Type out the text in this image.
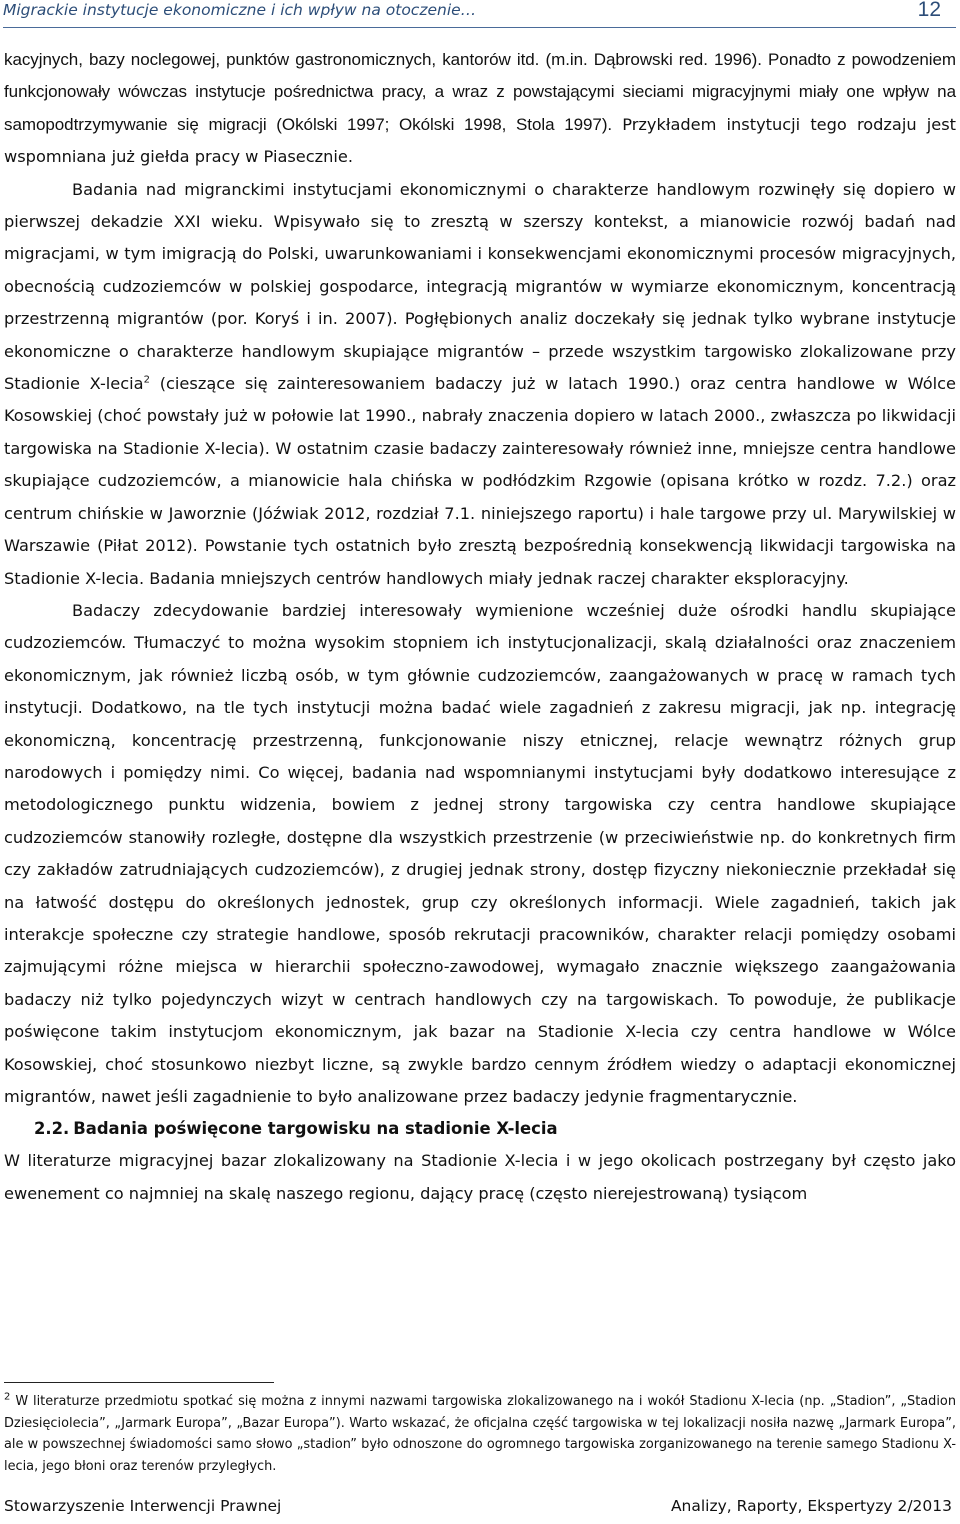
Migrackie instytucje ekonomiczne i ich wpływ na otoczenie…	12

kacyjnych, bazy noclegowej, punktów gastronomicznych, kantorów itd. (m.in. Dąbrowski red. 1996). Ponadto z powodzeniem funkcjonowały wówczas instytucje pośrednictwa pracy, a wraz z powstającymi sieciami migracyjnymi miały one wpływ na samopodtrzymywanie się migracji (Okólski 1997; Okólski 1998, Stola 1997). Przykładem instytucji tego rodzaju jest wspomniana już giełda pracy w Piasecznie.

Badania nad migranckimi instytucjami ekonomicznymi o charakterze handlowym rozwinęły się dopiero w pierwszej dekadzie XXI wieku. Wpisywało się to zresztą w szerszy kontekst, a mianowicie rozwój badań nad migracjami, w tym imigracją do Polski, uwarunkowaniami i konsekwencjami ekonomicznymi procesów migracyjnych, obecnością cudzoziemców w polskiej gospodarce, integracją migrantów w wymiarze ekonomicznym, koncentracją przestrzenną migrantów (por. Koryś i in. 2007). Pogłębionych analiz doczekały się jednak tylko wybrane instytucje ekonomiczne o charakterze handlowym skupiające migrantów – przede wszystkim targowisko zlokalizowane przy Stadionie X-lecia$^2$ (cieszące się zainteresowaniem badaczy już w latach 1990.) oraz centra handlowe w Wólce Kosowskiej (choć powstały już w połowie lat 1990., nabrały znaczenia dopiero w latach 2000., zwłaszcza po likwidacji targowiska na Stadionie X-lecia). W ostatnim czasie badaczy zainteresowały również inne, mniejsze centra handlowe skupiające cudzoziemców, a mianowicie hala chińska w podłódzkim Rzgowie (opisana krótko w rozdz. 7.2.) oraz centrum chińskie w Jaworznie (Jóźwiak 2012, rozdział 7.1. niniejszego raportu) i hale targowe przy ul. Marywilskiej w Warszawie (Piłat 2012). Powstanie tych ostatnich było zresztą bezpośrednią konsekwencją likwidacji targowiska na Stadionie X-lecia. Badania mniejszych centrów handlowych miały jednak raczej charakter eksploracyjny.

Badaczy zdecydowanie bardziej interesowały wymienione wcześniej duże ośrodki handlu skupiające cudzoziemców. Tłumaczyć to można wysokim stopniem ich instytucjonalizacji, skalą działalności oraz znaczeniem ekonomicznym, jak również liczbą osób, w tym głównie cudzoziemców, zaangażowanych w pracę w ramach tych instytucji. Dodatkowo, na tle tych instytucji można badać wiele zagadnień z zakresu migracji, jak np. integrację ekonomiczną, koncentrację przestrzenną, funkcjonowanie niszy etnicznej, relacje wewnątrz różnych grup narodowych i pomiędzy nimi. Co więcej, badania nad wspomnianymi instytucjami były dodatkowo interesujące z metodologicznego punktu widzenia, bowiem z jednej strony targowiska czy centra handlowe skupiające cudzoziemców stanowiły rozległe, dostępne dla wszystkich przestrzenie (w przeciwieństwie np. do konkretnych firm czy zakładów zatrudniających cudzoziemców), z drugiej jednak strony, dostęp fizyczny niekoniecznie przekładał się na łatwość dostępu do określonych jednostek, grup czy określonych informacji. Wiele zagadnień, takich jak interakcje społeczne czy strategie handlowe, sposób rekrutacji pracowników, charakter relacji pomiędzy osobami zajmującymi różne miejsca w hierarchii społeczno-zawodowej, wymagało znacznie większego zaangażowania badaczy niż tylko pojedynczych wizyt w centrach handlowych czy na targowiskach. To powoduje, że publikacje poświęcone takim instytucjom ekonomicznym, jak bazar na Stadionie X-lecia czy centra handlowe w Wólce Kosowskiej, choć stosunkowo niezbyt liczne, są zwykle bardzo cennym źródłem wiedzy o adaptacji ekonomicznej migrantów, nawet jeśli zagadnienie to było analizowane przez badaczy jedynie fragmentarycznie.

2.2. Badania poświęcone targowisku na stadionie X-lecia

W literaturze migracyjnej bazar zlokalizowany na Stadionie X-lecia i w jego okolicach postrzegany był często jako ewenement co najmniej na skalę naszego regionu, dający pracę (często nierejestrowaną) tysiącom

$^2$ W literaturze przedmiotu spotkać się można z innymi nazwami targowiska zlokalizowanego na i wokół Stadionu X-lecia (np. „Stadion”, „Stadion Dziesięciolecia”, „Jarmark Europa”, „Bazar Europa”). Warto wskazać, że oficjalna część targowiska w tej lokalizacji nosiła nazwę „Jarmark Europa”, ale w powszechnej świadomości samo słowo „stadion” było odnoszone do ogromnego targowiska zorganizowanego na terenie samego Stadionu X-lecia, jego błoni oraz terenów przyległych.

Stowarzyszenie Interwencji Prawnej	Analizy, Raporty, Ekspertyzy 2/2013
